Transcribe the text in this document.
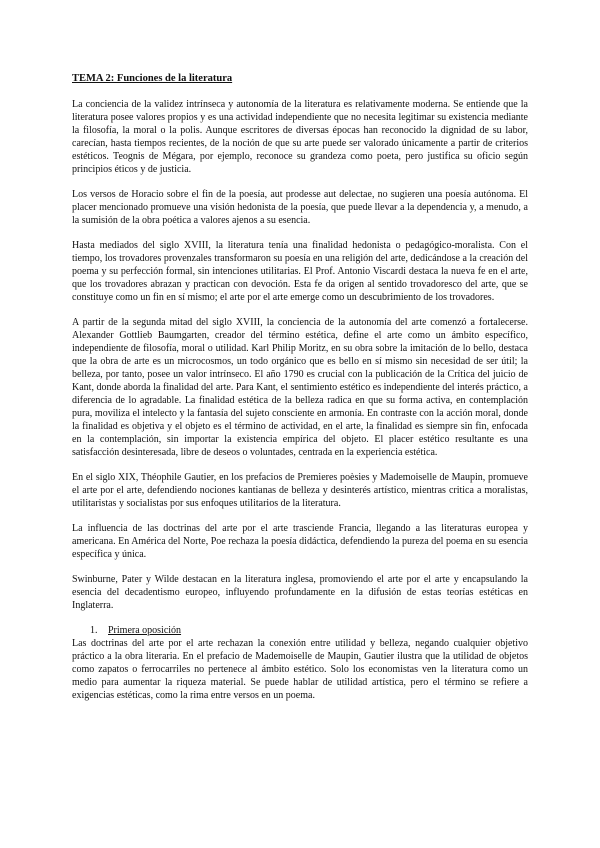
TEMA 2: Funciones de la literatura

La conciencia de la validez intrínseca y autonomía de la literatura es relativamente moderna. Se entiende que la literatura posee valores propios y es una actividad independiente que no necesita legitimar su existencia mediante la filosofía, la moral o la polis. Aunque escritores de diversas épocas han reconocido la dignidad de su labor, carecían, hasta tiempos recientes, de la noción de que su arte puede ser valorado únicamente a partir de criterios estéticos. Teognis de Mégara, por ejemplo, reconoce su grandeza como poeta, pero justifica su oficio según principios éticos y de justicia.

Los versos de Horacio sobre el fin de la poesía, aut prodesse aut delectae, no sugieren una poesía autónoma. El placer mencionado promueve una visión hedonista de la poesía, que puede llevar a la dependencia y, a menudo, a la sumisión de la obra poética a valores ajenos a su esencia.

Hasta mediados del siglo XVIII, la literatura tenía una finalidad hedonista o pedagógico-moralista. Con el tiempo, los trovadores provenzales transformaron su poesía en una religión del arte, dedicándose a la creación del poema y su perfección formal, sin intenciones utilitarias. El Prof. Antonio Viscardi destaca la nueva fe en el arte, que los trovadores abrazan y practican con devoción. Esta fe da origen al sentido trovadoresco del arte, que se constituye como un fin en sí mismo; el arte por el arte emerge como un descubrimiento de los trovadores.

A partir de la segunda mitad del siglo XVIII, la conciencia de la autonomía del arte comenzó a fortalecerse. Alexander Gottlieb Baumgarten, creador del término estética, define el arte como un ámbito específico, independiente de filosofía, moral o utilidad. Karl Philip Moritz, en su obra sobre la imitación de lo bello, destaca que la obra de arte es un microcosmos, un todo orgánico que es bello en sí mismo sin necesidad de ser útil; la belleza, por tanto, posee un valor intrínseco. El año 1790 es crucial con la publicación de la Crítica del juicio de Kant, donde aborda la finalidad del arte. Para Kant, el sentimiento estético es independiente del interés práctico, a diferencia de lo agradable. La finalidad estética de la belleza radica en que su forma activa, en contemplación pura, moviliza el intelecto y la fantasía del sujeto consciente en armonía. En contraste con la acción moral, donde la finalidad es objetiva y el objeto es el término de actividad, en el arte, la finalidad es siempre sin fin, enfocada en la contemplación, sin importar la existencia empírica del objeto. El placer estético resultante es una satisfacción desinteresada, libre de deseos o voluntades, centrada en la experiencia estética.

En el siglo XIX, Théophile Gautier, en los prefacios de Premieres poèsies y Mademoiselle de Maupin, promueve el arte por el arte, defendiendo nociones kantianas de belleza y desinterés artístico, mientras critica a moralistas, utilitaristas y socialistas por sus enfoques utilitarios de la literatura.

La influencia de las doctrinas del arte por el arte trasciende Francia, llegando a las literaturas europea y americana. En América del Norte, Poe rechaza la poesía didáctica, defendiendo la pureza del poema en su esencia específica y única.

Swinburne, Pater y Wilde destacan en la literatura inglesa, promoviendo el arte por el arte y encapsulando la esencia del decadentismo europeo, influyendo profundamente en la difusión de estas teorías estéticas en Inglaterra.

1. Primera oposición

Las doctrinas del arte por el arte rechazan la conexión entre utilidad y belleza, negando cualquier objetivo práctico a la obra literaria. En el prefacio de Mademoiselle de Maupin, Gautier ilustra que la utilidad de objetos como zapatos o ferrocarriles no pertenece al ámbito estético. Solo los economistas ven la literatura como un medio para aumentar la riqueza material. Se puede hablar de utilidad artística, pero el término se refiere a exigencias estéticas, como la rima entre versos en un poema.
